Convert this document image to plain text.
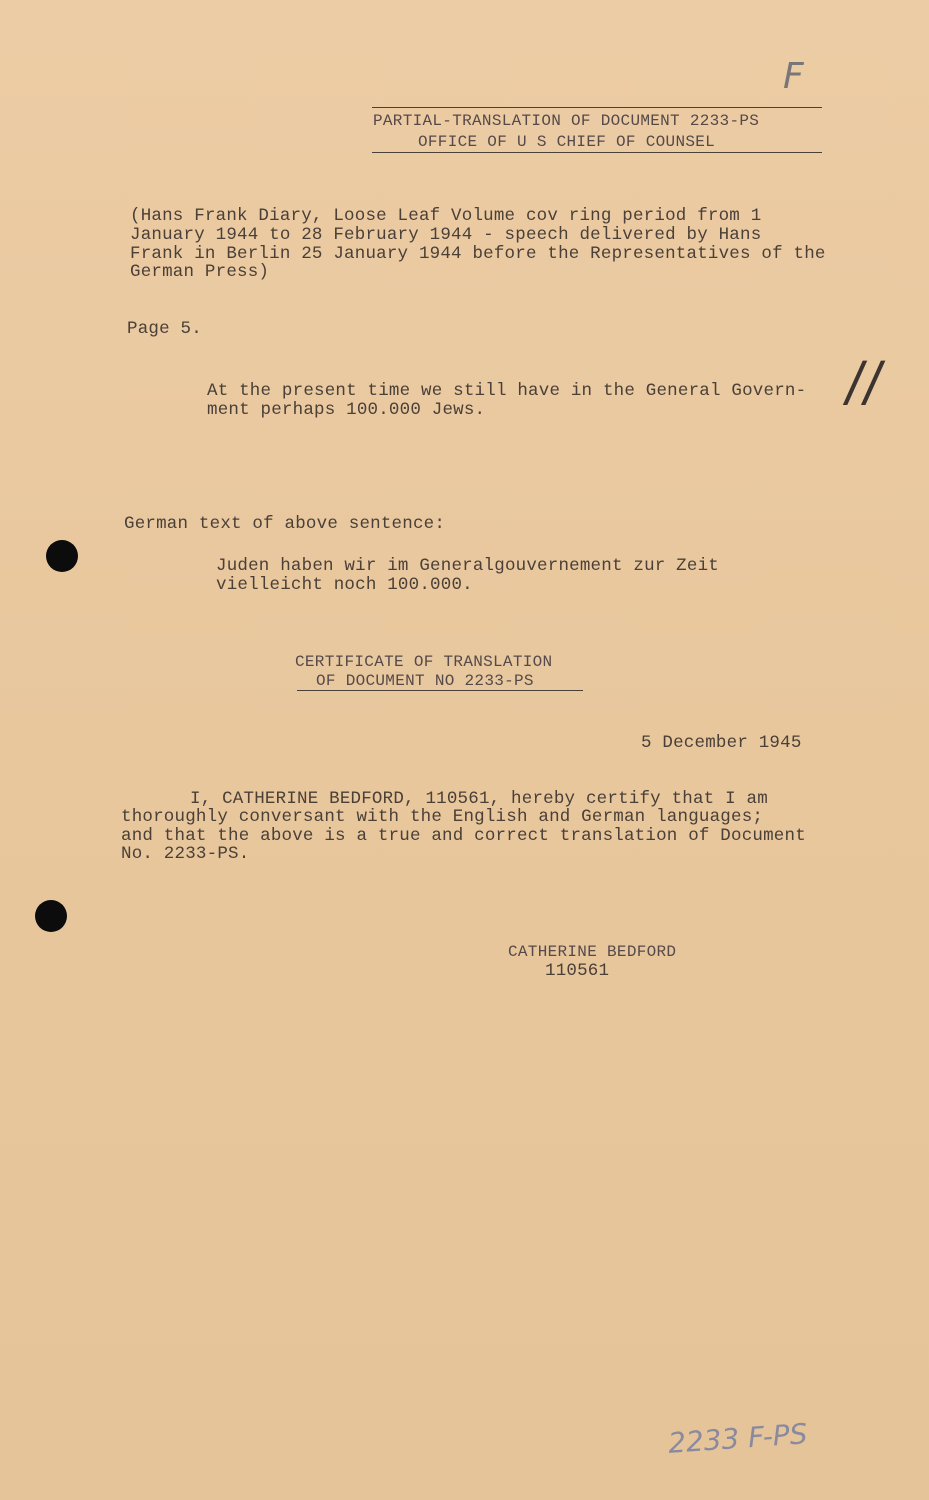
F
PARTIAL-TRANSLATION OF DOCUMENT 2233-PS
OFFICE OF U S CHIEF OF COUNSEL
(Hans Frank Diary, Loose Leaf Volume cov ring period from 1
January 1944 to 28 February 1944 - speech delivered by Hans
Frank in Berlin 25 January 1944 before the Representatives of the
German Press)
Page 5.
At the present time we still have in the General Govern-
ment perhaps 100.000 Jews.	//
German text of above sentence:
Juden haben wir im Generalgouvernement zur Zeit
vielleicht noch 100.000.
CERTIFICATE OF TRANSLATION
OF DOCUMENT NO 2233-PS
5 December 1945
I, CATHERINE BEDFORD, 110561, hereby certify that I am
thoroughly conversant with the English and German languages;
and that the above is a true and correct translation of Document
No. 2233-PS.
CATHERINE BEDFORD
110561
2233 F-PS
